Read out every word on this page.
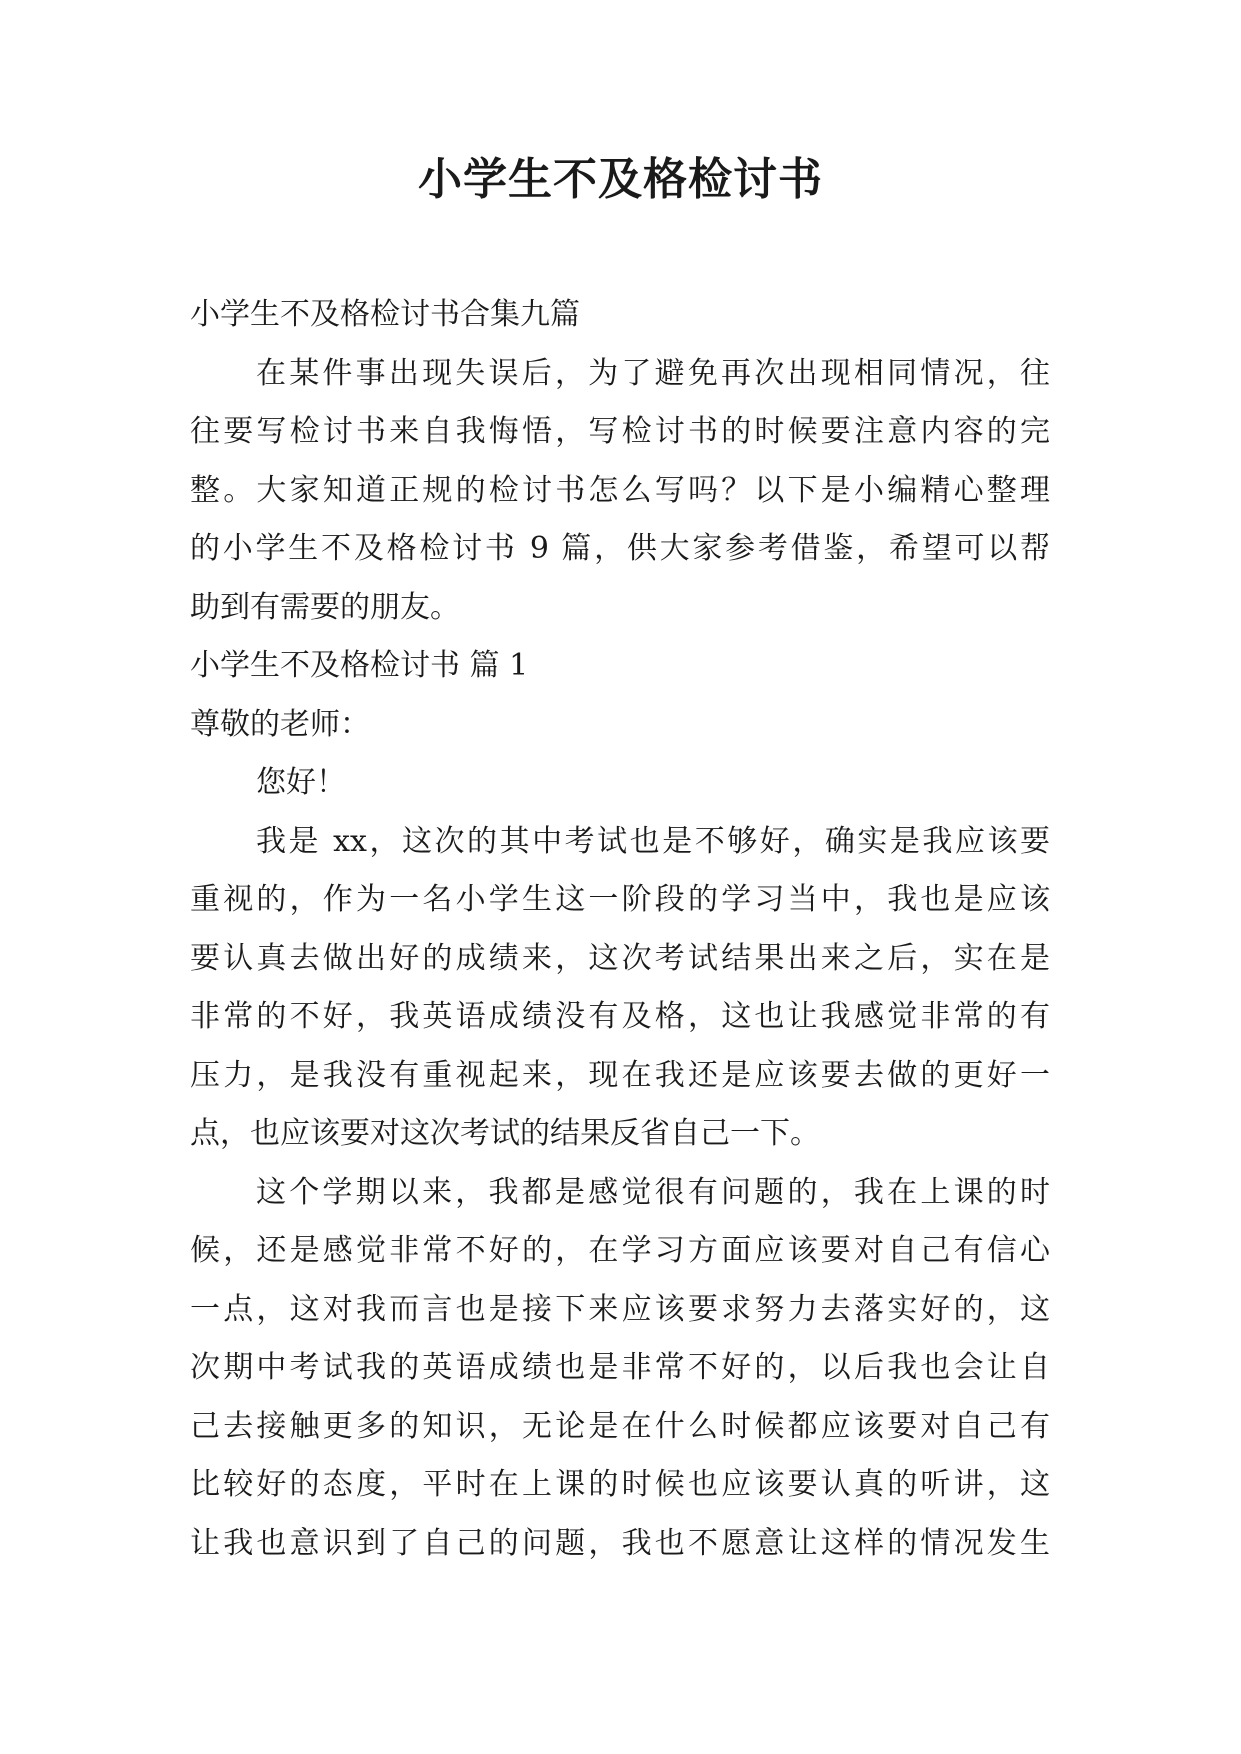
小学生不及格检讨书

小学生不及格检讨书合集九篇

在某件事出现失误后，为了避免再次出现相同情况，往

往要写检讨书来自我悔悟，写检讨书的时候要注意内容的完

整。大家知道正规的检讨书怎么写吗？以下是小编精心整理

的小学生不及格检讨书 9 篇，供大家参考借鉴，希望可以帮

助到有需要的朋友。

小学生不及格检讨书 篇 1

尊敬的老师：

您好！

我是 xx，这次的其中考试也是不够好，确实是我应该要

重视的，作为一名小学生这一阶段的学习当中，我也是应该

要认真去做出好的成绩来，这次考试结果出来之后，实在是

非常的不好，我英语成绩没有及格，这也让我感觉非常的有

压力，是我没有重视起来，现在我还是应该要去做的更好一

点，也应该要对这次考试的结果反省自己一下。

这个学期以来，我都是感觉很有问题的，我在上课的时

候，还是感觉非常不好的，在学习方面应该要对自己有信心

一点，这对我而言也是接下来应该要求努力去落实好的，这

次期中考试我的英语成绩也是非常不好的，以后我也会让自

己去接触更多的知识，无论是在什么时候都应该要对自己有

比较好的态度，平时在上课的时候也应该要认真的听讲，这

让我也意识到了自己的问题，我也不愿意让这样的情况发生
